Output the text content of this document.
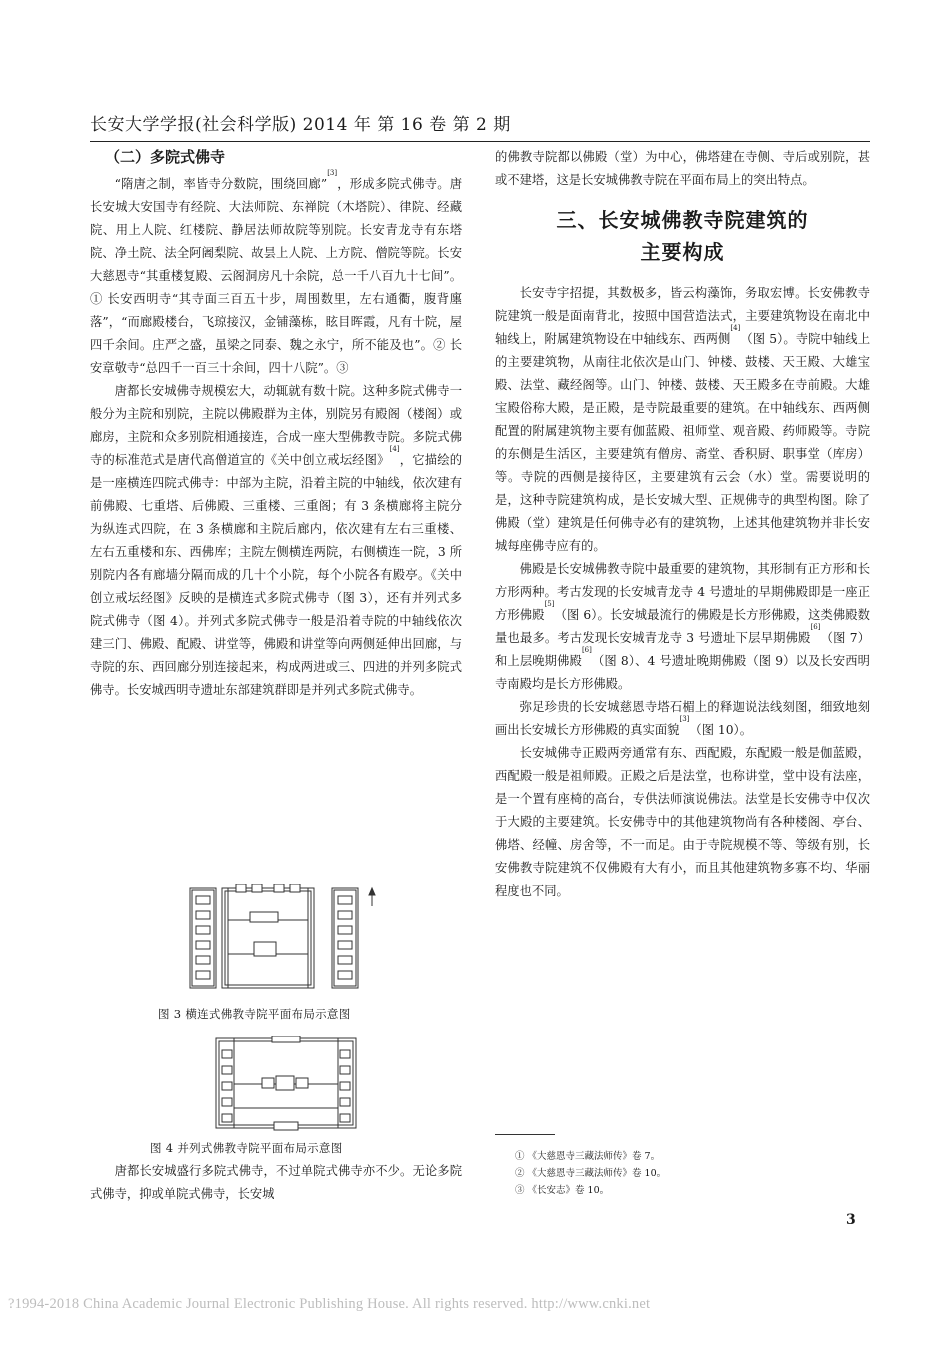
长安大学学报(社会科学版) 2014 年 第 16 卷 第 2 期
（二）多院式佛寺

“隋唐之制，率皆寺分数院，围绕回廊”[3]，形成多院式佛寺。唐长安城大安国寺有经院、大法师院、东禅院（木塔院）、律院、经藏院、用上人院、红楼院、静居法师故院等别院。长安青龙寺有东塔院、净土院、法全阿阇梨院、故昙上人院、上方院、僧院等院。长安大慈恩寺“其重楼复殿、云阁洞房凡十余院，总一千八百九十七间”。① 长安西明寺“其寺面三百五十步，周围数里，左右通衢，腹背廛落”，“而廊殿楼台，飞琼接汉，金铺藻栋，眩目晖霞，凡有十院，屋四千余间。庄严之盛，虽梁之同泰、魏之永宁，所不能及也”。② 长安章敬寺“总四千一百三十余间，四十八院”。③

唐都长安城佛寺规模宏大，动辄就有数十院。这种多院式佛寺一般分为主院和别院，主院以佛殿群为主体，别院另有殿阁（楼阁）或廊房，主院和众多别院相通接连，合成一座大型佛教寺院。多院式佛寺的标准范式是唐代高僧道宣的《关中创立戒坛经图》[4]，它描绘的是一座横连四院式佛寺：中部为主院，沿着主院的中轴线，依次建有前佛殿、七重塔、后佛殿、三重楼、三重阁；有 3 条横廊将主院分为纵连式四院，在 3 条横廊和主院后廊内，依次建有左右三重楼、左右五重楼和东、西佛库；主院左侧横连两院，右侧横连一院，3 所别院内各有廊墙分隔而成的几十个小院，每个小院各有殿亭。《关中创立戒坛经图》反映的是横连式多院式佛寺（图 3），还有并列式多院式佛寺（图 4）。并列式多院式佛寺一般是沿着寺院的中轴线依次建三门、佛殿、配殿、讲堂等，佛殿和讲堂等向两侧延伸出回廊，与寺院的东、西回廊分别连接起来，构成两进或三、四进的并列多院式佛寺。长安城西明寺遗址东部建筑群即是并列式多院式佛寺。

图 3 横连式佛教寺院平面布局示意图
图 4 并列式佛教寺院平面布局示意图

唐都长安城盛行多院式佛寺，不过单院式佛寺亦不少。无论多院式佛寺，抑或单院式佛寺，长安城

的佛教寺院都以佛殿（堂）为中心，佛塔建在寺侧、寺后或别院，甚或不建塔，这是长安城佛教寺院在平面布局上的突出特点。

三、长安城佛教寺院建筑的
主要构成

长安寺宇招提，其数极多，皆云构藻饰，务取宏博。长安佛教寺院建筑一般是面南背北，按照中国营造法式，主要建筑物设在南北中轴线上，附属建筑物设在中轴线东、西两侧[4]（图 5）。寺院中轴线上的主要建筑物，从南往北依次是山门、钟楼、鼓楼、天王殿、大雄宝殿、法堂、藏经阁等。山门、钟楼、鼓楼、天王殿多在寺前殿。大雄宝殿俗称大殿，是正殿，是寺院最重要的建筑。在中轴线东、西两侧配置的附属建筑物主要有伽蓝殿、祖师堂、观音殿、药师殿等。寺院的东侧是生活区，主要建筑有僧房、斋堂、香积厨、职事堂（库房）等。寺院的西侧是接待区，主要建筑有云会（水）堂。需要说明的是，这种寺院建筑构成，是长安城大型、正规佛寺的典型构图。除了佛殿（堂）建筑是任何佛寺必有的建筑物，上述其他建筑物并非长安城每座佛寺应有的。

佛殿是长安城佛教寺院中最重要的建筑物，其形制有正方形和长方形两种。考古发现的长安城青龙寺 4 号遗址的早期佛殿即是一座正方形佛殿[5]（图 6）。长安城最流行的佛殿是长方形佛殿，这类佛殿数量也最多。考古发现长安城青龙寺 3 号遗址下层早期佛殿[6]（图 7）和上层晚期佛殿[6]（图 8）、4 号遗址晚期佛殿（图 9）以及长安西明寺南殿均是长方形佛殿。

弥足珍贵的长安城慈恩寺塔石楣上的释迦说法线刻图，细致地刻画出长安城长方形佛殿的真实面貌[3]（图 10）。

长安城佛寺正殿两旁通常有东、西配殿，东配殿一般是伽蓝殿，西配殿一般是祖师殿。正殿之后是法堂，也称讲堂，堂中设有法座，是一个置有座椅的高台，专供法师演说佛法。法堂是长安佛寺中仅次于大殿的主要建筑。长安佛寺中的其他建筑物尚有各种楼阁、亭台、佛塔、经幢、房舍等，不一而足。由于寺院规模不等、等级有别，长安佛教寺院建筑不仅佛殿有大有小，而且其他建筑物多寡不均、华丽程度也不同。

① 《大慈恩寺三藏法师传》卷 7。
② 《大慈恩寺三藏法师传》卷 10。
③ 《长安志》卷 10。
3
?1994-2018 China Academic Journal Electronic Publishing House. All rights reserved. http://www.cnki.net
